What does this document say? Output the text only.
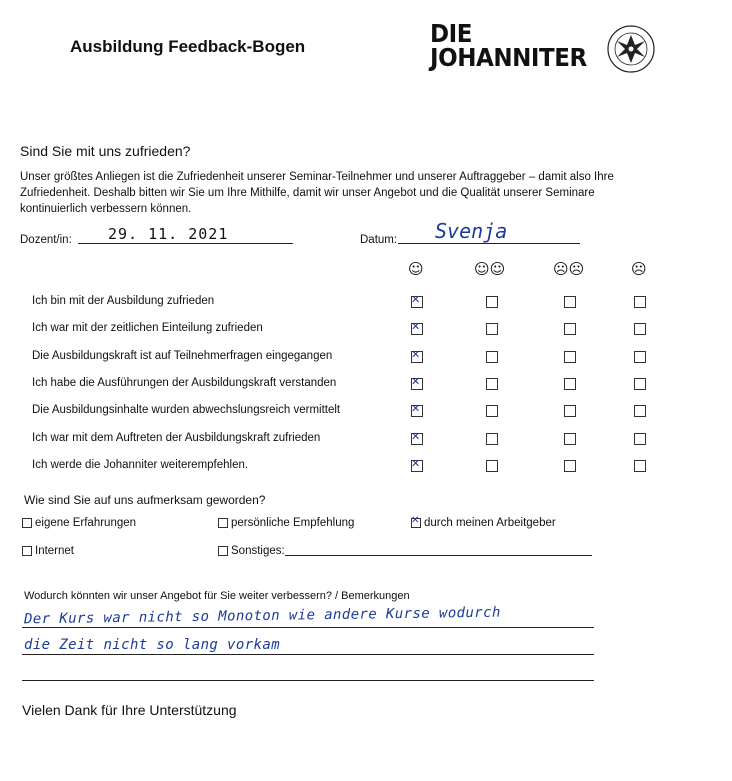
Ausbildung Feedback-Bogen	DIE
JOHANNITER
Sind Sie mit uns zufrieden?
Unser größtes Anliegen ist die Zufriedenheit unserer Seminar-Teilnehmer und unserer Auftraggeber – damit also Ihre Zufriedenheit. Deshalb bitten wir Sie um Ihre Mithilfe, damit wir unser Angebot und die Qualität unserer Seminare kontinuierlich verbessern können.
Dozent/in: 29. 11. 2021	Datum: Svenja
☺	☺☺	☹☹	☹
Ich bin mit der Ausbildung zufrieden
✕
Ich war mit der zeitlichen Einteilung zufrieden
✕
Die Ausbildungskraft ist auf Teilnehmerfragen eingegangen
✕
Ich habe die Ausführungen der Ausbildungskraft verstanden
✕
Die Ausbildungsinhalte wurden abwechslungsreich vermittelt
✕
Ich war mit dem Auftreten der Ausbildungskraft zufrieden
✕
Ich werde die Johanniter weiterempfehlen.
✕
Wie sind Sie auf uns aufmerksam geworden?
eigene Erfahrungen	persönliche Empfehlung
✕	durch meinen Arbeitgeber
Internet	Sonstiges:
Wodurch könnten wir unser Angebot für Sie weiter verbessern? / Bemerkungen
Der Kurs war nicht so Monoton wie andere Kurse wodurch
die Zeit nicht so lang vorkam
Vielen Dank für Ihre Unterstützung
